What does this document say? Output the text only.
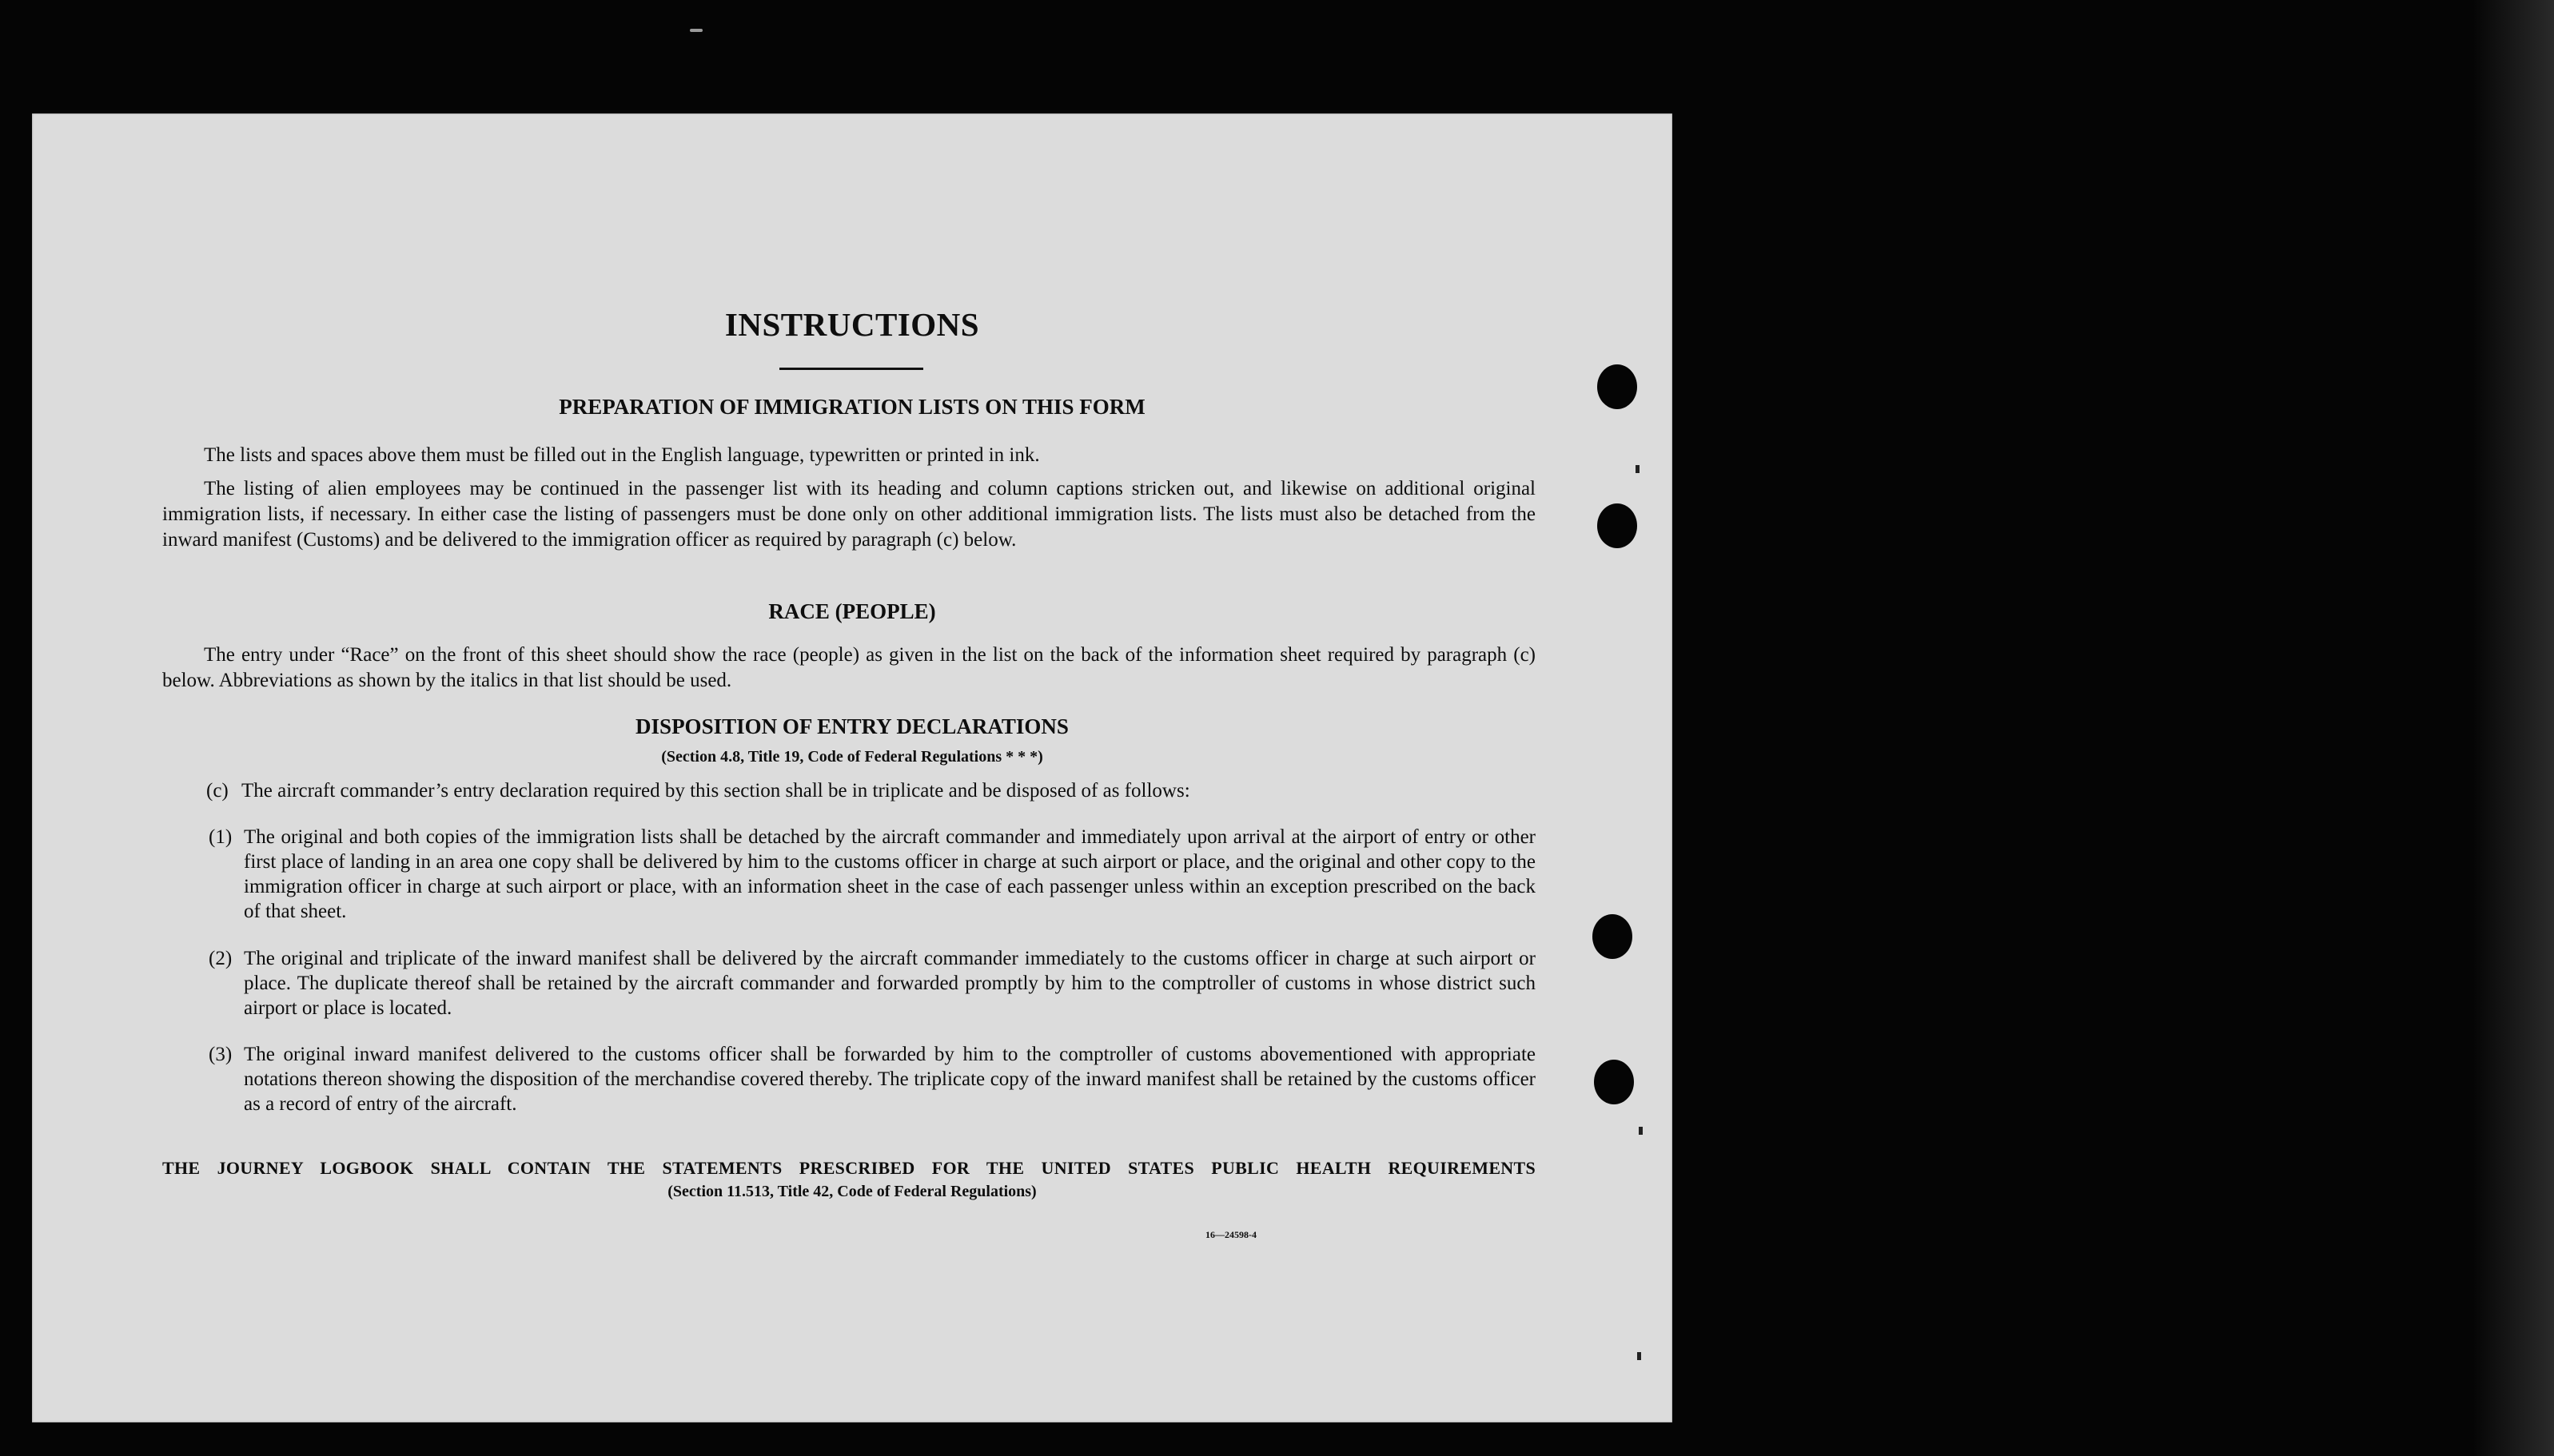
INSTRUCTIONS
PREPARATION OF IMMIGRATION LISTS ON THIS FORM

The lists and spaces above them must be filled out in the English language, typewritten or printed in ink.

The listing of alien employees may be continued in the passenger list with its heading and column captions stricken out, and likewise on additional original immigration lists, if necessary. In either case the listing of passengers must be done only on other additional immigration lists. The lists must also be detached from the inward manifest (Customs) and be delivered to the immigration officer as required by paragraph (c) below.

RACE (PEOPLE)

The entry under “Race” on the front of this sheet should show the race (people) as given in the list on the back of the information sheet required by paragraph (c) below. Abbreviations as shown by the italics in that list should be used.

DISPOSITION OF ENTRY DECLARATIONS
(Section 4.8, Title 19, Code of Federal Regulations * * *)

(c) The aircraft commander’s entry declaration required by this section shall be in triplicate and be disposed of as follows:

(1) The original and both copies of the immigration lists shall be detached by the aircraft commander and immediately upon arrival at the airport of entry or other first place of landing in an area one copy shall be delivered by him to the customs officer in charge at such airport or place, and the original and other copy to the immigration officer in charge at such airport or place, with an information sheet in the case of each passenger unless within an exception prescribed on the back of that sheet.
(2) The original and triplicate of the inward manifest shall be delivered by the aircraft commander immediately to the customs officer in charge at such airport or place. The duplicate thereof shall be retained by the aircraft commander and forwarded promptly by him to the comptroller of customs in whose district such airport or place is located.
(3) The original inward manifest delivered to the customs officer shall be forwarded by him to the comptroller of customs abovementioned with appropriate notations thereon showing the disposition of the merchandise covered thereby. The triplicate copy of the inward manifest shall be retained by the customs officer as a record of entry of the aircraft.
THE JOURNEY LOGBOOK SHALL CONTAIN THE STATEMENTS PRESCRIBED FOR THE UNITED STATES PUBLIC HEALTH REQUIREMENTS
(Section 11.513, Title 42, Code of Federal Regulations)
16—24598-4
